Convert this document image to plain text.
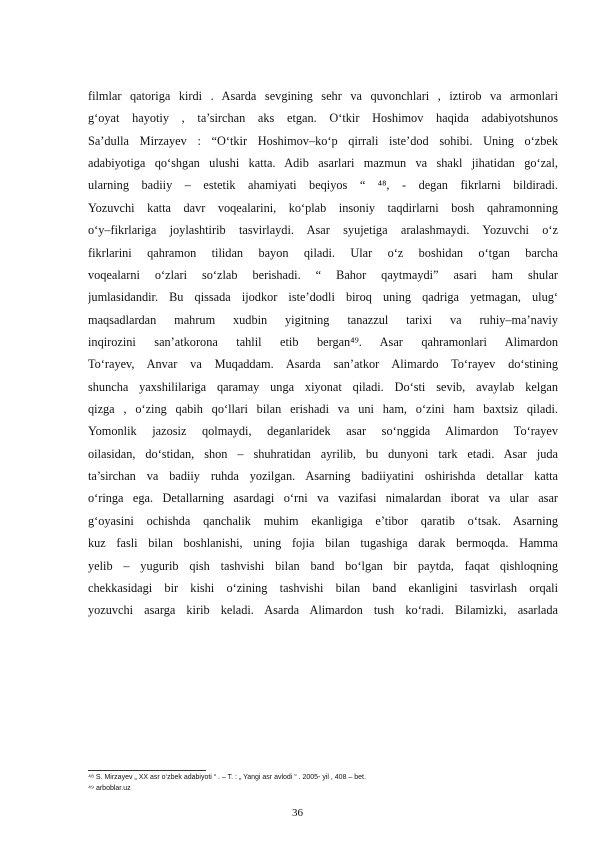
filmlar qatoriga kirdi . Asarda sevgining sehr va quvonchlari , iztirob va armonlari
g‘oyat hayotiy , ta’sirchan aks etgan. O‘tkir Hoshimov haqida adabiyotshunos
Sa’dulla Mirzayev : “O‘tkir Hoshimov–ko‘p qirrali iste’dod sohibi. Uning o‘zbek
adabiyotiga qo‘shgan ulushi katta. Adib asarlari mazmun va shakl jihatidan go‘zal,
ularning badiiy – estetik ahamiyati beqiyos “ ⁴⁸, - degan fikrlarni bildiradi.
Yozuvchi katta davr voqealarini, ko‘plab insoniy taqdirlarni bosh qahramonning
o‘y–fikrlariga joylashtirib tasvirlaydi. Asar syujetiga aralashmaydi. Yozuvchi o‘z
fikrlarini qahramon tilidan bayon qiladi. Ular o‘z boshidan o‘tgan barcha
voqealarni o‘zlari so‘zlab berishadi. “ Bahor qaytmaydi” asari ham shular
jumlasidandir. Bu qissada ijodkor iste’dodli biroq uning qadriga yetmagan, ulug‘
maqsadlardan mahrum xudbin yigitning tanazzul tarixi va ruhiy–ma’naviy
inqirozini san’atkorona tahlil etib bergan⁴⁹. Asar qahramonlari Alimardon
To‘rayev, Anvar va Muqaddam. Asarda san’atkor Alimardo To‘rayev do‘stining
shuncha yaxshililariga qaramay unga xiyonat qiladi. Do‘sti sevib, avaylab kelgan
qizga , o‘zing qabih qo‘llari bilan erishadi va uni ham, o‘zini ham baxtsiz qiladi.
Yomonlik jazosiz qolmaydi, deganlaridek asar so‘nggida Alimardon To‘rayev
oilasidan, do‘stidan, shon – shuhratidan ayrilib, bu dunyoni tark etadi. Asar juda
ta’sirchan va badiiy ruhda yozilgan. Asarning badiiyatini oshirishda detallar katta
o‘ringa ega. Detallarning asardagi o‘rni va vazifasi nimalardan iborat va ular asar
g‘oyasini ochishda qanchalik muhim ekanligiga e’tibor qaratib o‘tsak. Asarning
kuz fasli bilan boshlanishi, uning fojia bilan tugashiga darak bermoqda. Hamma
yelib – yugurib qish tashvishi bilan band bo‘lgan bir paytda, faqat qishloqning
chekkasidagi bir kishi o‘zining tashvishi bilan band ekanligini tasvirlash orqali
yozuvchi asarga kirib keladi. Asarda Alimardon tush ko‘radi. Bilamizki, asarlada
⁴⁸ S. Mirzayev „ XX asr o‘zbek adabiyoti “ . – T. : „ Yangi asr avlodi “ . 2005- yil , 408 – bet.
⁴⁹ arboblar.uz
36
